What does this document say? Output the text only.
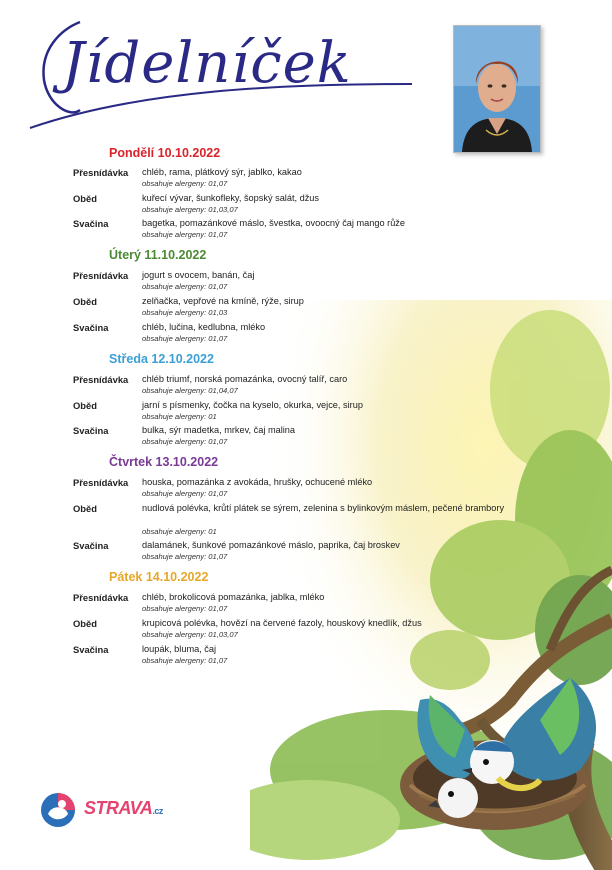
Jídelníček
Pondělí 10.10.2022
Přesnídávka chléb, rama, plátkový sýr, jablko, kakao
obsahuje alergeny: 01,07
Oběd	kuřecí vývar, šunkofleky, šopský salát, džus
obsahuje alergeny: 01,03,07
Svačina	bagetka, pomazánkové máslo, švestka, ovoocný čaj mango růže
obsahuje alergeny: 01,07
Úterý 11.10.2022
Přesnídávka jogurt s ovocem, banán, čaj
obsahuje alergeny: 01,07
Oběd	zelňačka, vepřové na kmíně, rýže, sirup
obsahuje alergeny: 01,03
Svačina	chléb, lučina, kedlubna, mléko
obsahuje alergeny: 01,07
Středa 12.10.2022
Přesnídávka chléb triumf, norská pomazánka, ovocný talíř, caro
obsahuje alergeny: 01,04,07
Oběd	jarní s písmenky, čočka na kyselo, okurka, vejce, sirup
obsahuje alergeny: 01
Svačina	bulka, sýr madetka, mrkev, čaj malina
obsahuje alergeny: 01,07
Čtvrtek 13.10.2022
Přesnídávka houska, pomazánka z avokáda, hrušky, ochucené mléko
obsahuje alergeny: 01,07
Oběd	nudlová polévka, krůtí plátek se sýrem, zelenina s bylinkovým máslem, pečené brambory
obsahuje alergeny: 01
Svačina	dalamánek, šunkové pomazánkové máslo, paprika, čaj broskev
obsahuje alergeny: 01,07
Pátek 14.10.2022
Přesnídávka chléb, brokolicová pomazánka, jablka, mléko
obsahuje alergeny: 01,07
Oběd	krupicová polévka, hovězí na červené fazoly, houskový knedlík, džus
obsahuje alergeny: 01,03,07
Svačina	loupák, bluma, čaj
obsahuje alergeny: 01,07
STRAVA.cz
